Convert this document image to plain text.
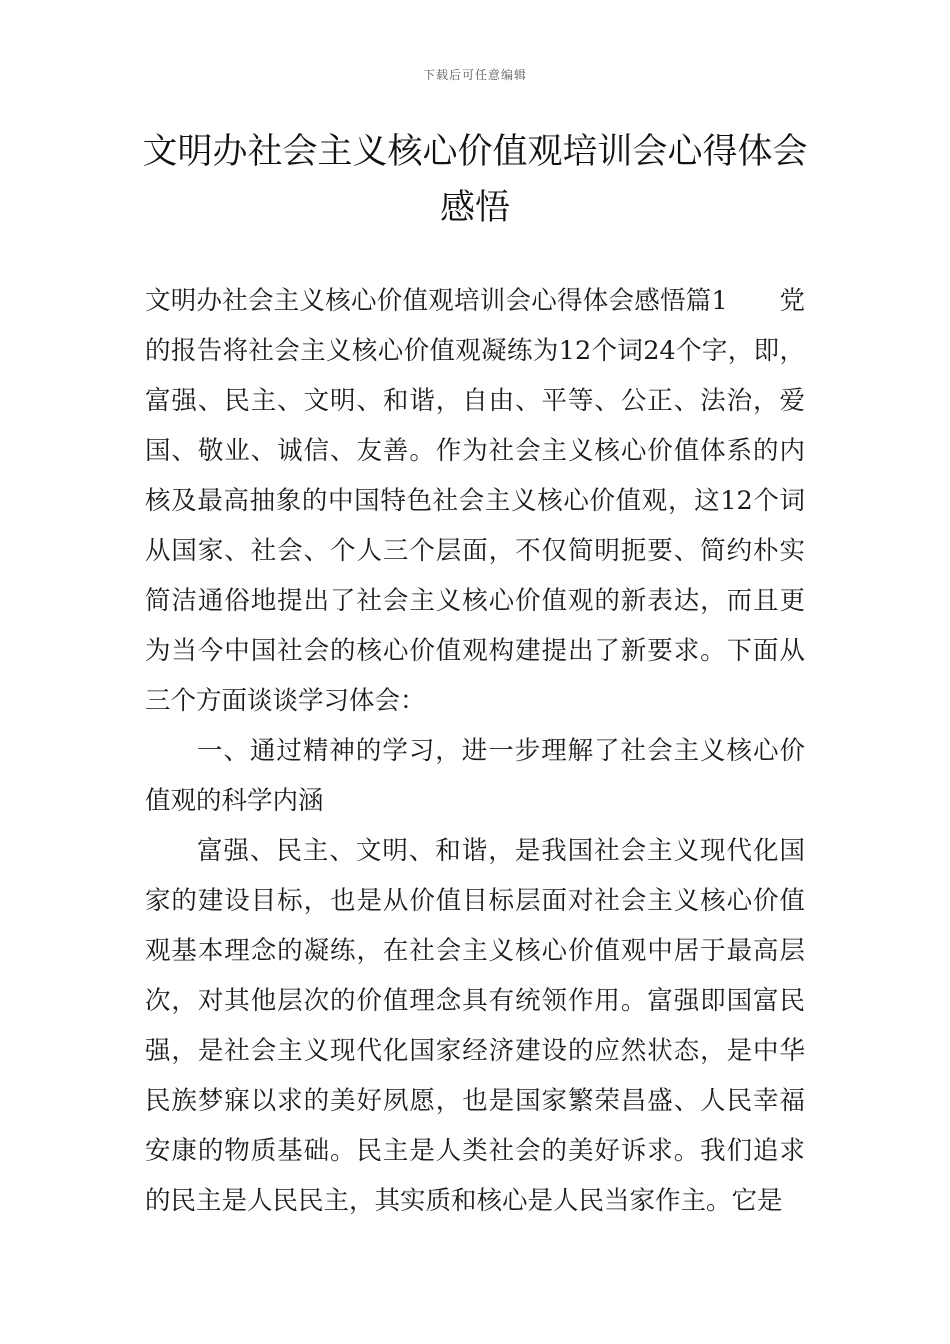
下载后可任意编辑
文明办社会主义核心价值观培训会心得体会感悟

文明办社会主义核心价值观培训会心得体会感悟篇1　　党的报告将社会主义核心价值观凝练为12个词24个字，即，富强、民主、文明、和谐，自由、平等、公正、法治，爱国、敬业、诚信、友善。作为社会主义核心价值体系的内核及最高抽象的中国特色社会主义核心价值观，这12个词从国家、社会、个人三个层面，不仅简明扼要、简约朴实简洁通俗地提出了社会主义核心价值观的新表达，而且更为当今中国社会的核心价值观构建提出了新要求。下面从三个方面谈谈学习体会：

一、通过精神的学习，进一步理解了社会主义核心价值观的科学内涵

富强、民主、文明、和谐，是我国社会主义现代化国家的建设目标，也是从价值目标层面对社会主义核心价值观基本理念的凝练，在社会主义核心价值观中居于最高层次，对其他层次的价值理念具有统领作用。富强即国富民强，是社会主义现代化国家经济建设的应然状态，是中华民族梦寐以求的美好夙愿，也是国家繁荣昌盛、人民幸福安康的物质基础。民主是人类社会的美好诉求。我们追求的民主是人民民主，其实质和核心是人民当家作主。它是
